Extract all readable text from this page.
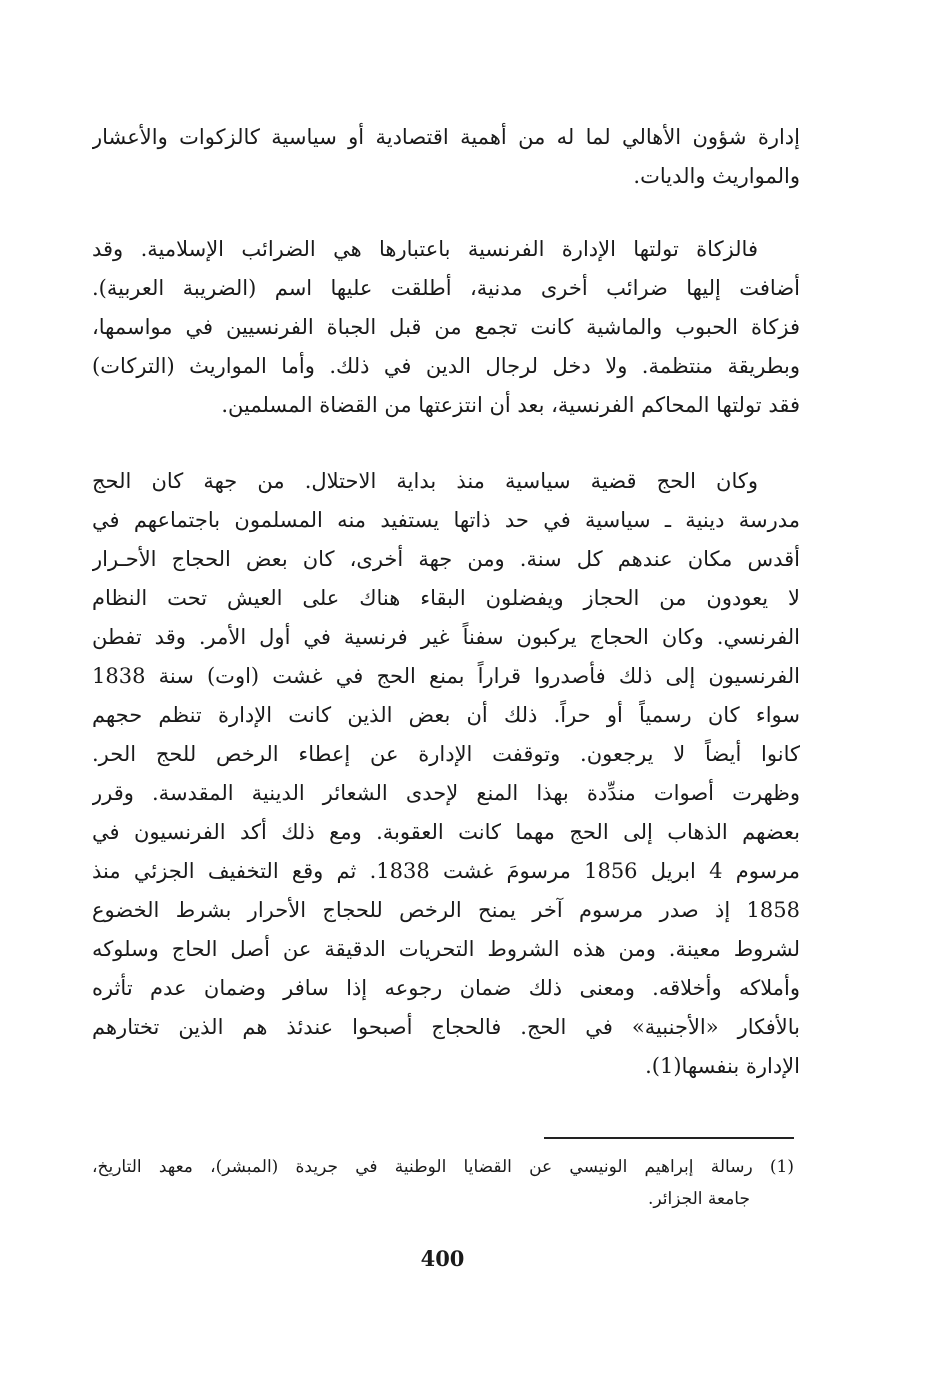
إدارة شؤون الأهالي لما له من أهمية اقتصادية أو سياسية كالزكوات والأعشار
والمواريث والديات.
فالزكاة تولتها الإدارة الفرنسية باعتبارها هي الضرائب الإسلامية. وقد
أضافت إليها ضرائب أخرى مدنية، أطلقت عليها اسم (الضريبة العربية).
فزكاة الحبوب والماشية كانت تجمع من قبل الجباة الفرنسيين في مواسمها،
وبطريقة منتظمة. ولا دخل لرجال الدين في ذلك. وأما المواريث (التركات)
فقد تولتها المحاكم الفرنسية، بعد أن انتزعتها من القضاة المسلمين.
وكان الحج قضية سياسية منذ بداية الاحتلال. من جهة كان الحج
مدرسة دينية ـ سياسية في حد ذاتها يستفيد منه المسلمون باجتماعهم في
أقدس مكان عندهم كل سنة. ومن جهة أخرى، كان بعض الحجاج الأحـرار
لا يعودون من الحجاز ويفضلون البقاء هناك على العيش تحت النظام
الفرنسي. وكان الحجاج يركبون سفناً غير فرنسية في أول الأمر. وقد تفطن
الفرنسيون إلى ذلك فأصدروا قراراً بمنع الحج في غشت (اوت) سنة 1838
سواء كان رسمياً أو حراً. ذلك أن بعض الذين كانت الإدارة تنظم حجهم
كانوا أيضاً لا يرجعون. وتوقفت الإدارة عن إعطاء الرخص للحج الحر.
وظهرت أصوات مندِّدة بهذا المنع لإحدى الشعائر الدينية المقدسة. وقرر
بعضهم الذهاب إلى الحج مهما كانت العقوبة. ومع ذلك أكد الفرنسيون في
مرسوم 4 ابريل 1856 مرسومَ غشت 1838. ثم وقع التخفيف الجزئي منذ
1858 إذ صدر مرسوم آخر يمنح الرخص للحجاج الأحرار بشرط الخضوع
لشروط معينة. ومن هذه الشروط التحريات الدقيقة عن أصل الحاج وسلوكه
وأملاكه وأخلاقه. ومعنى ذلك ضمان رجوعه إذا سافر وضمان عدم تأثره
بالأفكار «الأجنبية» في الحج. فالحجاج أصبحوا عندئذ هم الذين تختارهم
الإدارة بنفسها(1).
(1) رسالة إبراهيم الونيسي عن القضايا الوطنية في جريدة (المبشر)، معهد التاريخ،
جامعة الجزائر.
400
